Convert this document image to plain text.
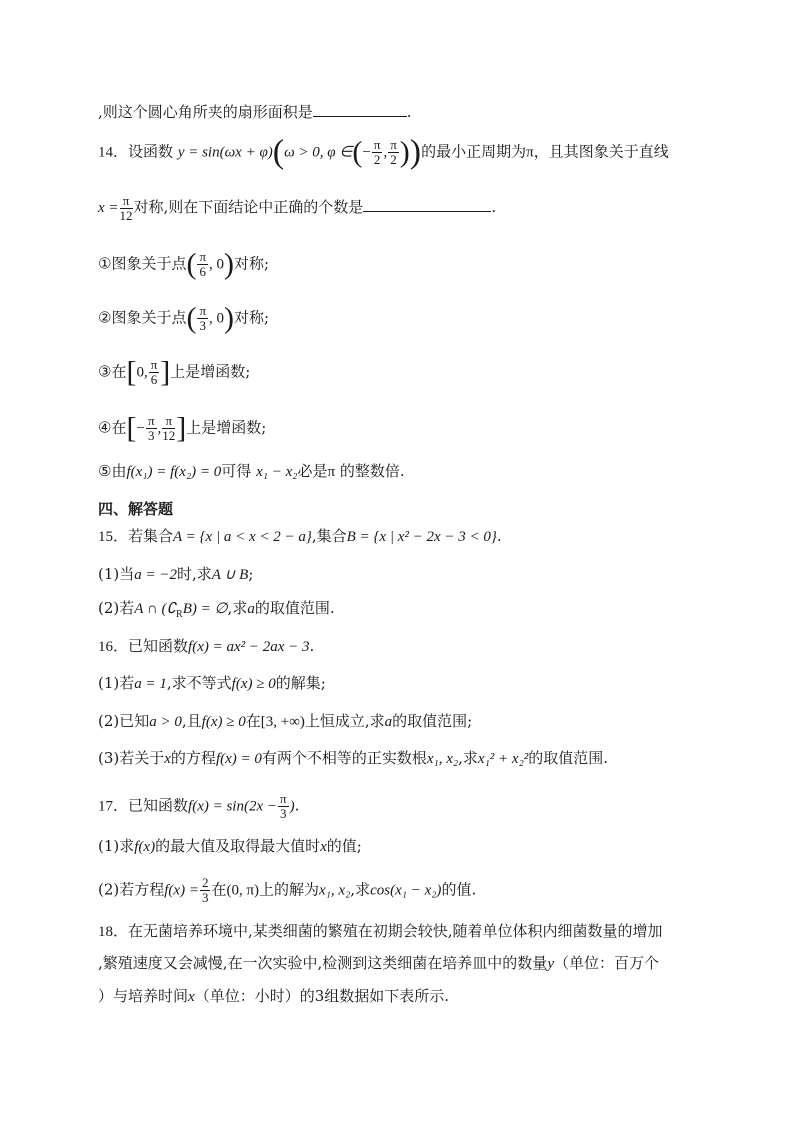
,则这个圆心角所夹的扇形面积是	.
14．设函数 y = sin(ωx + φ)(ω > 0, φ ∈(− $\frac{\pi}{2}$ , $\frac{\pi}{2}$ ))的最小正周期为π，且其图象关于直线
$x = \frac{\pi}{12}$ 对称,则在下面结论中正确的个数是	.
①图象关于点( $\frac{\pi}{6}$ , 0)对称;
②图象关于点( $\frac{\pi}{3}$ , 0)对称;
③在[0, $\frac{\pi}{6}$ ]上是增函数;
④在[− $\frac{\pi}{3}$ , $\frac{\pi}{12}$ ]上是增函数;
⑤由f(x₁) = f(x₂) = 0可得 x₁ − x₂必是π 的整数倍.
四、解答题
15．若集合A = {x | a < x < 2 − a},集合B = {x | x² − 2x − 3 < 0}.
(1)当a = −2时,求A ∪ B;
(2)若A ∩ $(∁_RB)$ = ∅,求a的取值范围.
16．已知函数f(x) = ax² − 2ax − 3.
(1)若a = 1,求不等式f(x) ≥ 0的解集;
(2)已知a > 0,且f(x) ≥ 0在[3, +∞)上恒成立,求a的取值范围;
(3)若关于x的方程f(x) = 0有两个不相等的正实数根x₁, x₂,求x₁² + x₂²的取值范围.
17．已知函数$f(x) = \sin(2x - \frac{\pi}{3}$ ).
(1)求f(x)的最大值及取得最大值时x的值;
(2)若方程$f(x) = \frac{2}{3}$ 在(0, π)上的解为x₁, x₂,求cos(x₁ − x₂)的值.
18．在无菌培养环境中,某类细菌的繁殖在初期会较快,随着单位体积内细菌数量的增加
,繁殖速度又会减慢,在一次实验中,检测到这类细菌在培养皿中的数量y（单位：百万个
）与培养时间x（单位：小时）的3组数据如下表所示.
